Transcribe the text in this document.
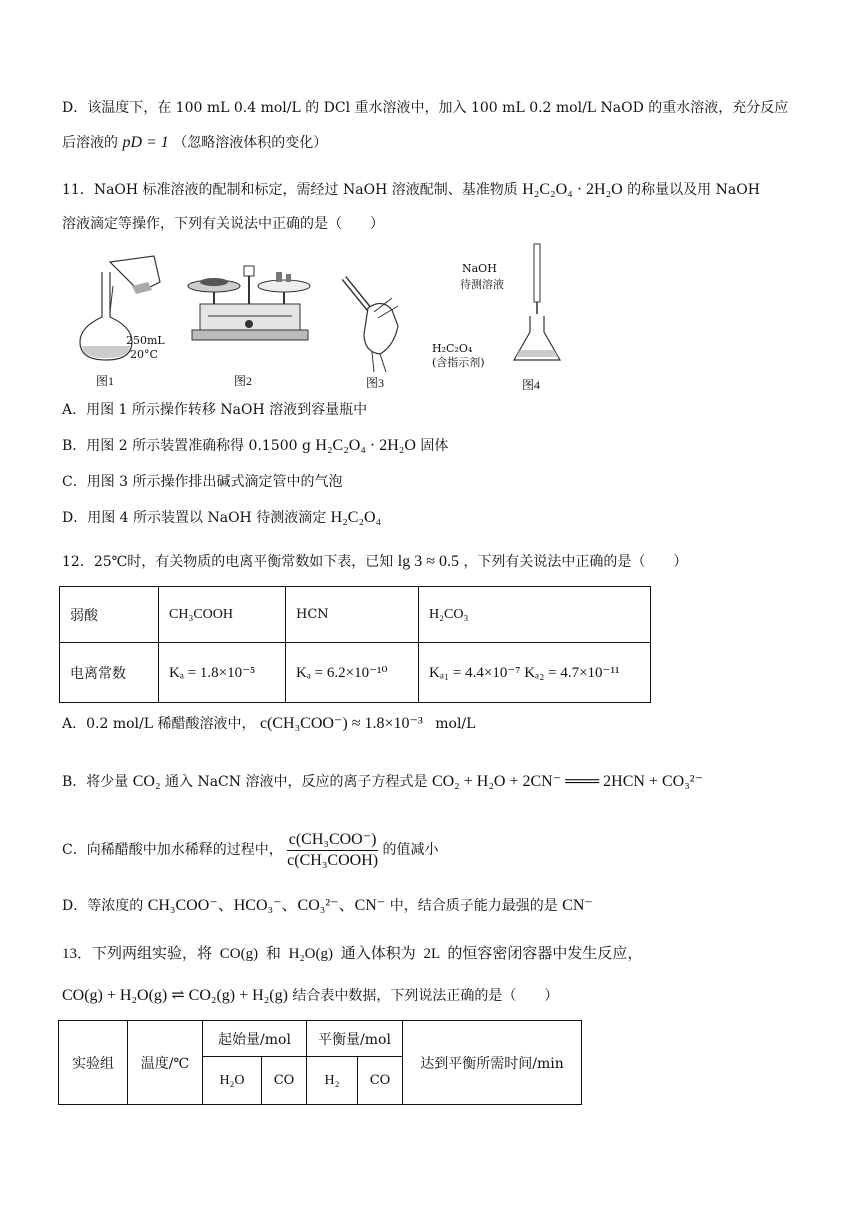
D．该温度下，在 100 mL 0.4 mol/L 的 DCl 重水溶液中，加入 100 mL 0.2 mol/L NaOD 的重水溶液，充分反应
后溶液的 pD = 1 （忽略溶液体积的变化）
11．NaOH 标准溶液的配制和标定，需经过 NaOH 溶液配制、基准物质 H₂C₂O₄ · 2H₂O 的称量以及用 NaOH
溶液滴定等操作，下列有关说法中正确的是（　　）
250mL
20°C
图1	图2	图3
NaOH
待测溶液
H₂C₂O₄
(含指示剂)
图4
A．用图 1 所示操作转移 NaOH 溶液到容量瓶中
B．用图 2 所示装置准确称得 0.1500 g H₂C₂O₄ · 2H₂O 固体
C．用图 3 所示操作排出碱式滴定管中的气泡
D．用图 4 所示装置以 NaOH 待测液滴定 H₂C₂O₄
12．25℃时，有关物质的电离平衡常数如下表，已知 lg 3 ≈ 0.5 ，下列有关说法中正确的是（　　）
弱酸	CH₃COOH	HCN	H₂CO₃
电离常数	Kₐ = 1.8×10⁻⁵	Kₐ = 6.2×10⁻¹⁰	Kₐ₁ = 4.4×10⁻⁷ Kₐ₂ = 4.7×10⁻¹¹
A．0.2 mol/L 稀醋酸溶液中， c(CH₃COO⁻) ≈ 1.8×10⁻³ mol/L
B．将少量 CO₂ 通入 NaCN 溶液中，反应的离子方程式是 CO₂ + H₂O + 2CN⁻ ═══ 2HCN + CO₃²⁻
C．向稀醋酸中加水稀释的过程中， $\frac{\text{c(CH₃COO⁻)}}{\text{c(CH₃COOH)}}$ 的值减小
D．等浓度的 CH₃COO⁻、HCO₃⁻、CO₃²⁻、CN⁻ 中，结合质子能力最强的是 CN⁻
13．下列两组实验，将 CO(g) 和 H₂O(g) 通入体积为 2L 的恒容密闭容器中发生反应，
CO(g) + H₂O(g) ⇌ CO₂(g) + H₂(g) 结合表中数据，下列说法正确的是（　　）
实验组	温度/℃	起始量/mol		平衡量/mol		达到平衡所需时间/min
		H₂O	CO	H₂	CO	
